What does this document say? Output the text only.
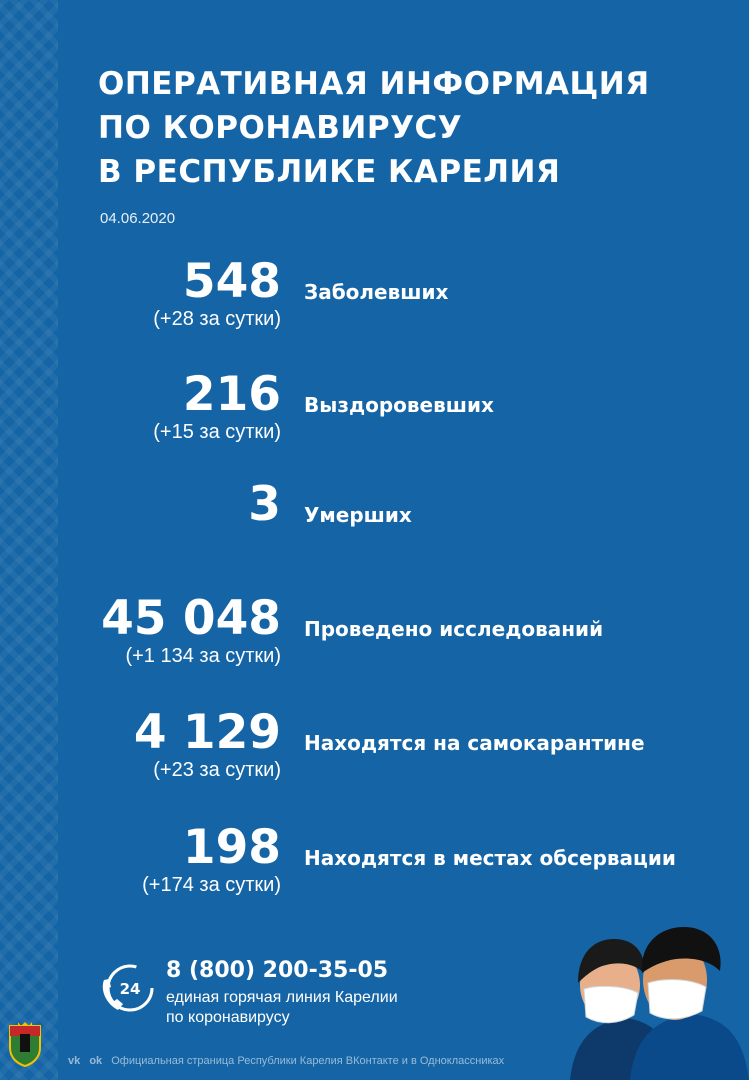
ОПЕРАТИВНАЯ ИНФОРМАЦИЯ
ПО КОРОНАВИРУСУ
В РЕСПУБЛИКЕ КАРЕЛИЯ
04.06.2020
548
(+28 за сутки)
Заболевших
216
(+15 за сутки)
Выздоровевших
3 Умерших
45 048
(+1 134 за сутки)
Проведено исследований
4 129
(+23 за сутки)
Находятся на самокарантине
198
(+174 за сутки)
Находятся в местах обсервации
24
8 (800) 200-35-05
единая горячая линия Карелии
по коронавирусу
vk ok Официальная страница Республики Карелия ВКонтакте и в Одноклассниках
